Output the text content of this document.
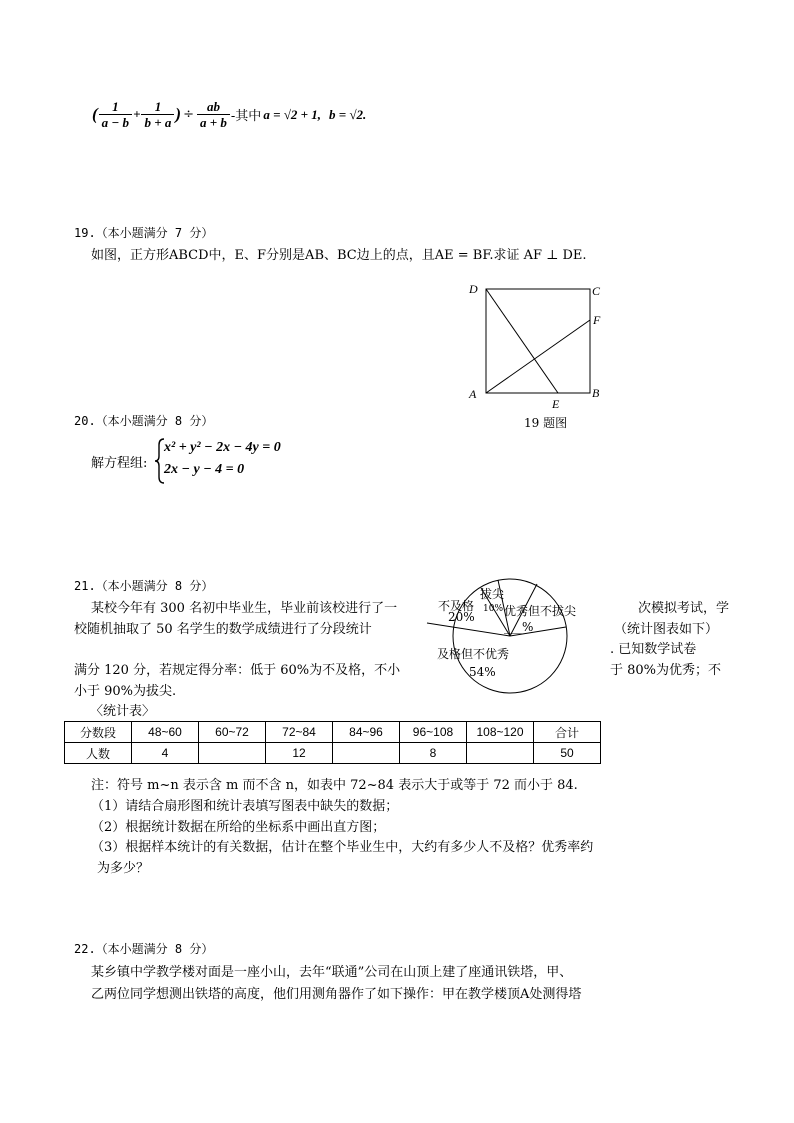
( $\frac{1}{a - b} + \frac{1}{b + a}$ ) ÷ $\frac{ab}{a + b}$ -其中 a = √2 + 1, b = √2.
19.（本小题满分 7 分）
如图，正方形ABCD中，E、F分别是AB、BC边上的点，且AE = BF.求证 AF ⊥ DE.
D	C
F
A	B
E
19 题图
20.（本小题满分 8 分）
解方程组:
x² + y² − 2x − 4y = 0
2x − y − 4 = 0
21.（本小题满分 8 分）
某校今年有 300 名初中毕业生，毕业前该校进行了一	次模拟考试，学
校随机抽取了 50 名学生的数学成绩进行了分段统计	（统计图表如下）
. 已知数学试卷
满分 120 分，若规定得分率：低于 60%为不及格，不小	于 80%为优秀；不
小于 90%为拔尖.
拔尖
10%
不及格
20% 优秀但不拔尖
___%
及格但不优秀
54%
〈统计表〉
分数段	48~60	60~72	72~84	84~96	96~108	108~120	合计
人数	4		12		8		50
注：符号 m~n 表示含 m 而不含 n，如表中 72~84 表示大于或等于 72 而小于 84.
（1）请结合扇形图和统计表填写图表中缺失的数据；
（2）根据统计数据在所给的坐标系中画出直方图；
（3）根据样本统计的有关数据，估计在整个毕业生中，大约有多少人不及格？优秀率约
为多少？
22.（本小题满分 8 分）
某乡镇中学教学楼对面是一座小山，去年“联通”公司在山顶上建了座通讯铁塔，甲、
乙两位同学想测出铁塔的高度，他们用测角器作了如下操作：甲在教学楼顶A处测得塔
